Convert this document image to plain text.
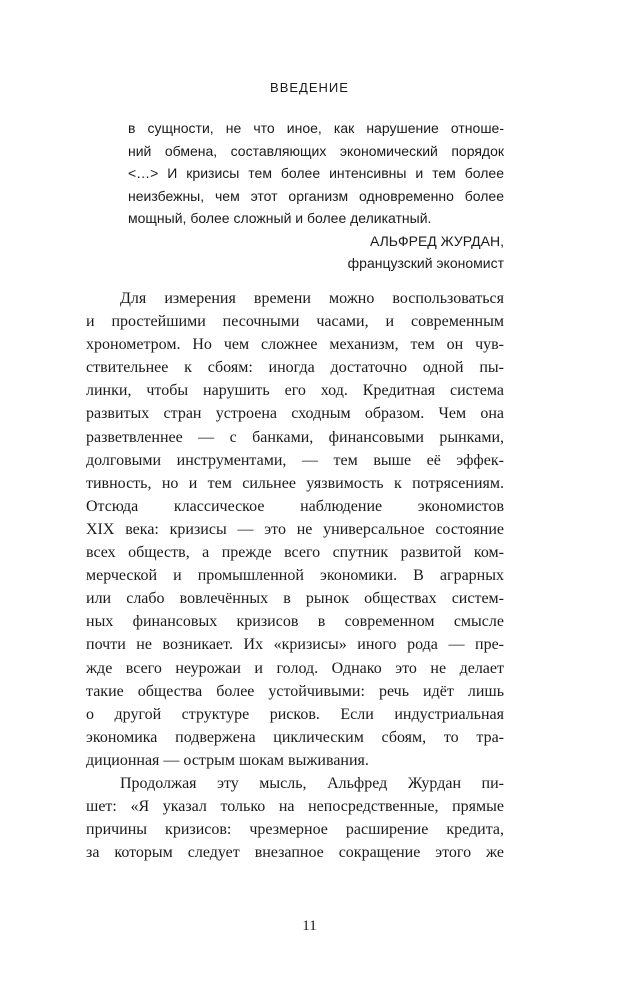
ВВЕДЕНИЕ
в сущности, не что иное, как нарушение отноше-
ний обмена, составляющих экономический порядок
<…> И кризисы тем более интенсивны и тем более
неизбежны, чем этот организм одновременно более
мощный, более сложный и более деликатный.
АЛЬФРЕД ЖУРДАН,
французский экономист
Для измерения времени можно воспользоваться
и простейшими песочными часами, и современным
хронометром. Но чем сложнее механизм, тем он чув-
ствительнее к сбоям: иногда достаточно одной пы-
линки, чтобы нарушить его ход. Кредитная система
развитых стран устроена сходным образом. Чем она
разветвленнее — с банками, финансовыми рынками,
долговыми инструментами, — тем выше её эффек-
тивность, но и тем сильнее уязвимость к потрясениям.
Отсюда классическое наблюдение экономистов
XIX века: кризисы — это не универсальное состояние
всех обществ, а прежде всего спутник развитой ком-
мерческой и промышленной экономики. В аграрных
или слабо вовлечённых в рынок обществах систем-
ных финансовых кризисов в современном смысле
почти не возникает. Их «кризисы» иного рода — пре-
жде всего неурожаи и голод. Однако это не делает
такие общества более устойчивыми: речь идёт лишь
о другой структуре рисков. Если индустриальная
экономика подвержена циклическим сбоям, то тра-
диционная — острым шокам выживания.
Продолжая эту мысль, Альфред Журдан пи-
шет: «Я указал только на непосредственные, прямые
причины кризисов: чрезмерное расширение кредита,
за которым следует внезапное сокращение этого же
11
